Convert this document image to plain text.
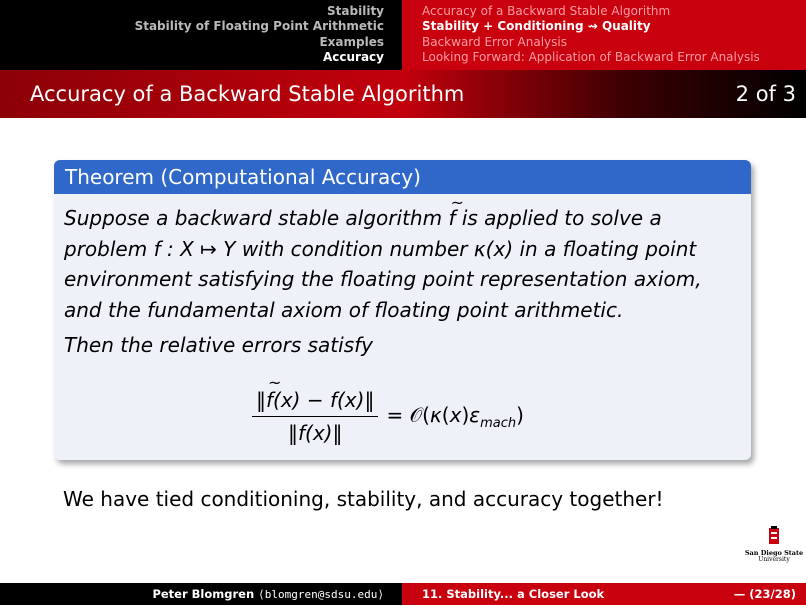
Stability
Stability of Floating Point Arithmetic
Examples
Accuracy
Accuracy of a Backward Stable Algorithm
Stability + Conditioning ⇝ Quality
Backward Error Analysis
Looking Forward: Application of Backward Error Analysis
Accuracy of a Backward Stable Algorithm	2 of 3
Theorem (Computational Accuracy)

Suppose a backward stable algorithm ~ f is applied to solve a problem f : X ↦ Y with condition number κ(x) in a floating point environment satisfying the floating point representation axiom, and the fundamental axiom of floating point arithmetic.

Then the relative errors satisfy

$\frac{‖\sim f(x) - f(x)‖}{‖f(x)‖}$ = $𝒪(\kappa(x)\varepsilon_{mach})$
We have tied conditioning, stability, and accuracy together!
San Diego State
University
Peter Blomgren ⟨blomgren@sdsu.edu⟩	11. Stability... a Closer Look	— (23/28)
